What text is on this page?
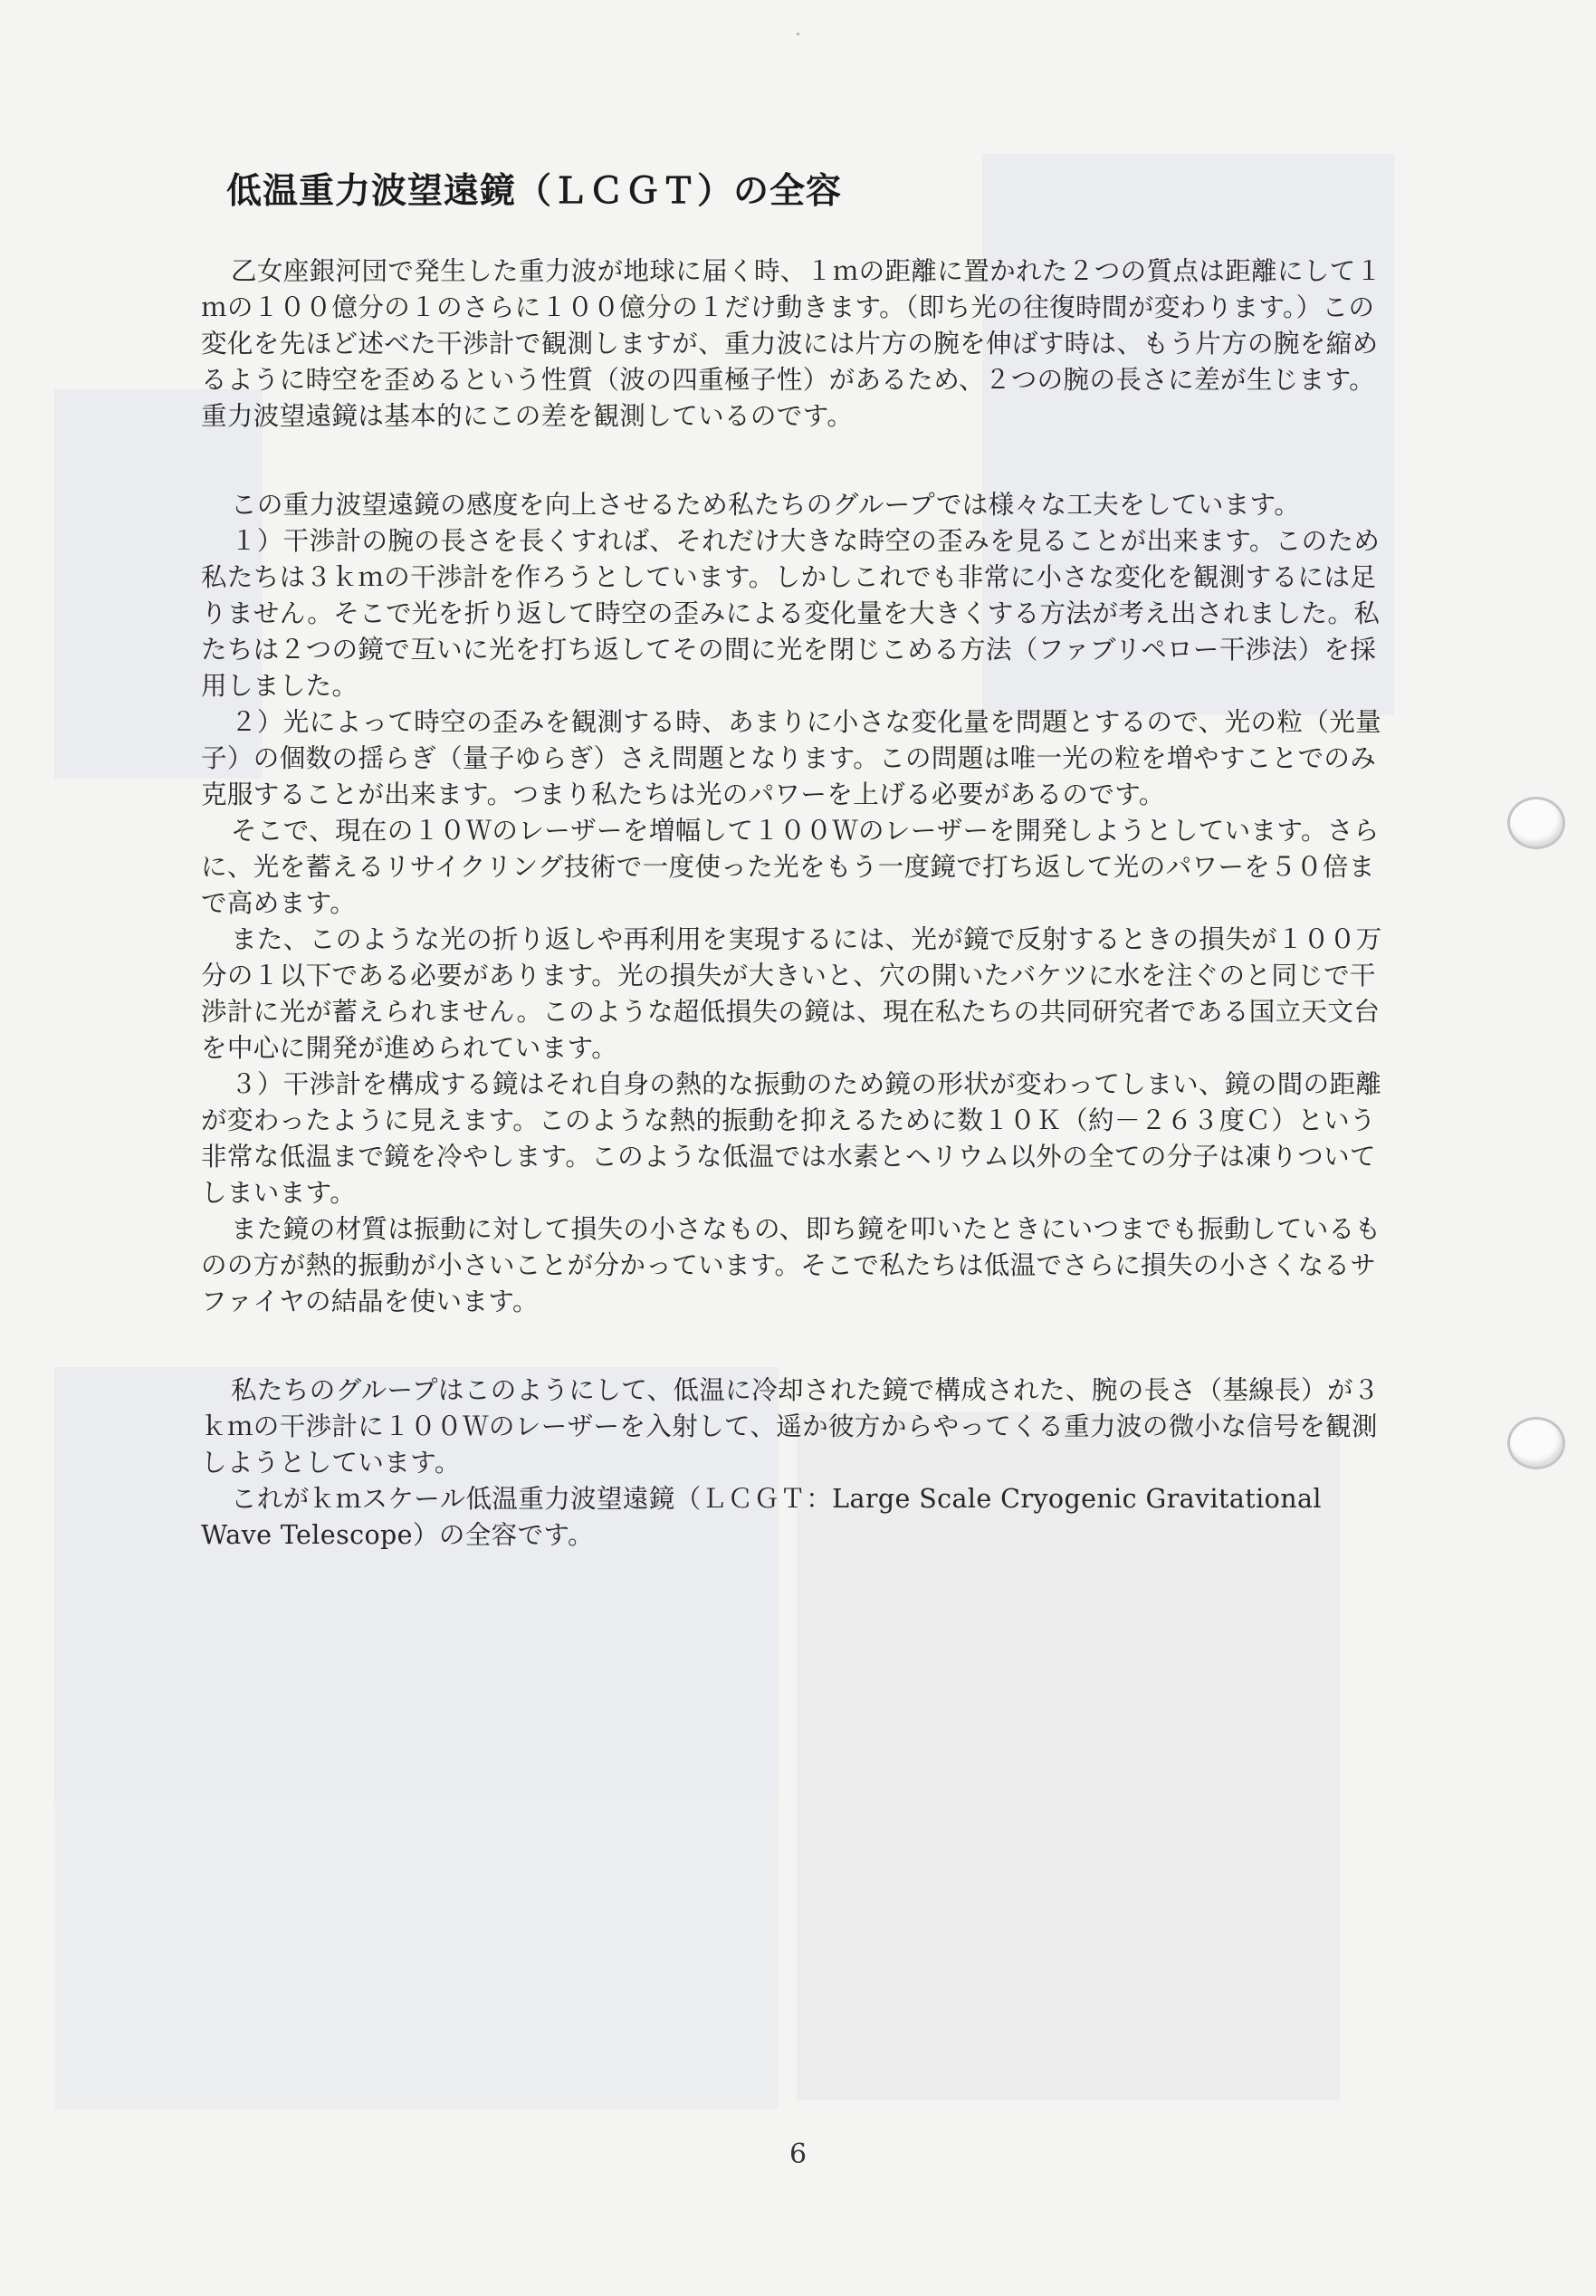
低温重力波望遠鏡（ＬＣＧＴ）の全容

乙女座銀河団で発生した重力波が地球に届く時、１ｍの距離に置かれた２つの質点は距離にして１ｍの１００億分の１のさらに１００億分の１だけ動きます。（即ち光の往復時間が変わります。）この変化を先ほど述べた干渉計で観測しますが、重力波には片方の腕を伸ばす時は、もう片方の腕を縮めるように時空を歪めるという性質（波の四重極子性）があるため、２つの腕の長さに差が生じます。重力波望遠鏡は基本的にこの差を観測しているのです。

この重力波望遠鏡の感度を向上させるため私たちのグループでは様々な工夫をしています。

１）干渉計の腕の長さを長くすれば、それだけ大きな時空の歪みを見ることが出来ます。このため私たちは３ｋｍの干渉計を作ろうとしています。しかしこれでも非常に小さな変化を観測するには足りません。そこで光を折り返して時空の歪みによる変化量を大きくする方法が考え出されました。私たちは２つの鏡で互いに光を打ち返してその間に光を閉じこめる方法（ファブリペロー干渉法）を採用しました。

２）光によって時空の歪みを観測する時、あまりに小さな変化量を問題とするので、光の粒（光量子）の個数の揺らぎ（量子ゆらぎ）さえ問題となります。この問題は唯一光の粒を増やすことでのみ克服することが出来ます。つまり私たちは光のパワーを上げる必要があるのです。

そこで、現在の１０Ｗのレーザーを増幅して１００Ｗのレーザーを開発しようとしています。さらに、光を蓄えるリサイクリング技術で一度使った光をもう一度鏡で打ち返して光のパワーを５０倍まで高めます。

また、このような光の折り返しや再利用を実現するには、光が鏡で反射するときの損失が１００万分の１以下である必要があります。光の損失が大きいと、穴の開いたバケツに水を注ぐのと同じで干渉計に光が蓄えられません。このような超低損失の鏡は、現在私たちの共同研究者である国立天文台を中心に開発が進められています。

３）干渉計を構成する鏡はそれ自身の熱的な振動のため鏡の形状が変わってしまい、鏡の間の距離が変わったように見えます。このような熱的振動を抑えるために数１０Ｋ（約－２６３度Ｃ）という非常な低温まで鏡を冷やします。このような低温では水素とヘリウム以外の全ての分子は凍りついてしまいます。

また鏡の材質は振動に対して損失の小さなもの、即ち鏡を叩いたときにいつまでも振動しているものの方が熱的振動が小さいことが分かっています。そこで私たちは低温でさらに損失の小さくなるサファイヤの結晶を使います。

私たちのグループはこのようにして、低温に冷却された鏡で構成された、腕の長さ（基線長）が３ｋｍの干渉計に１００Ｗのレーザーを入射して、遥か彼方からやってくる重力波の微小な信号を観測しようとしています。

これがｋｍスケール低温重力波望遠鏡（ＬＣＧＴ：Large Scale Cryogenic Gravitational Wave Telescope）の全容です。

6
